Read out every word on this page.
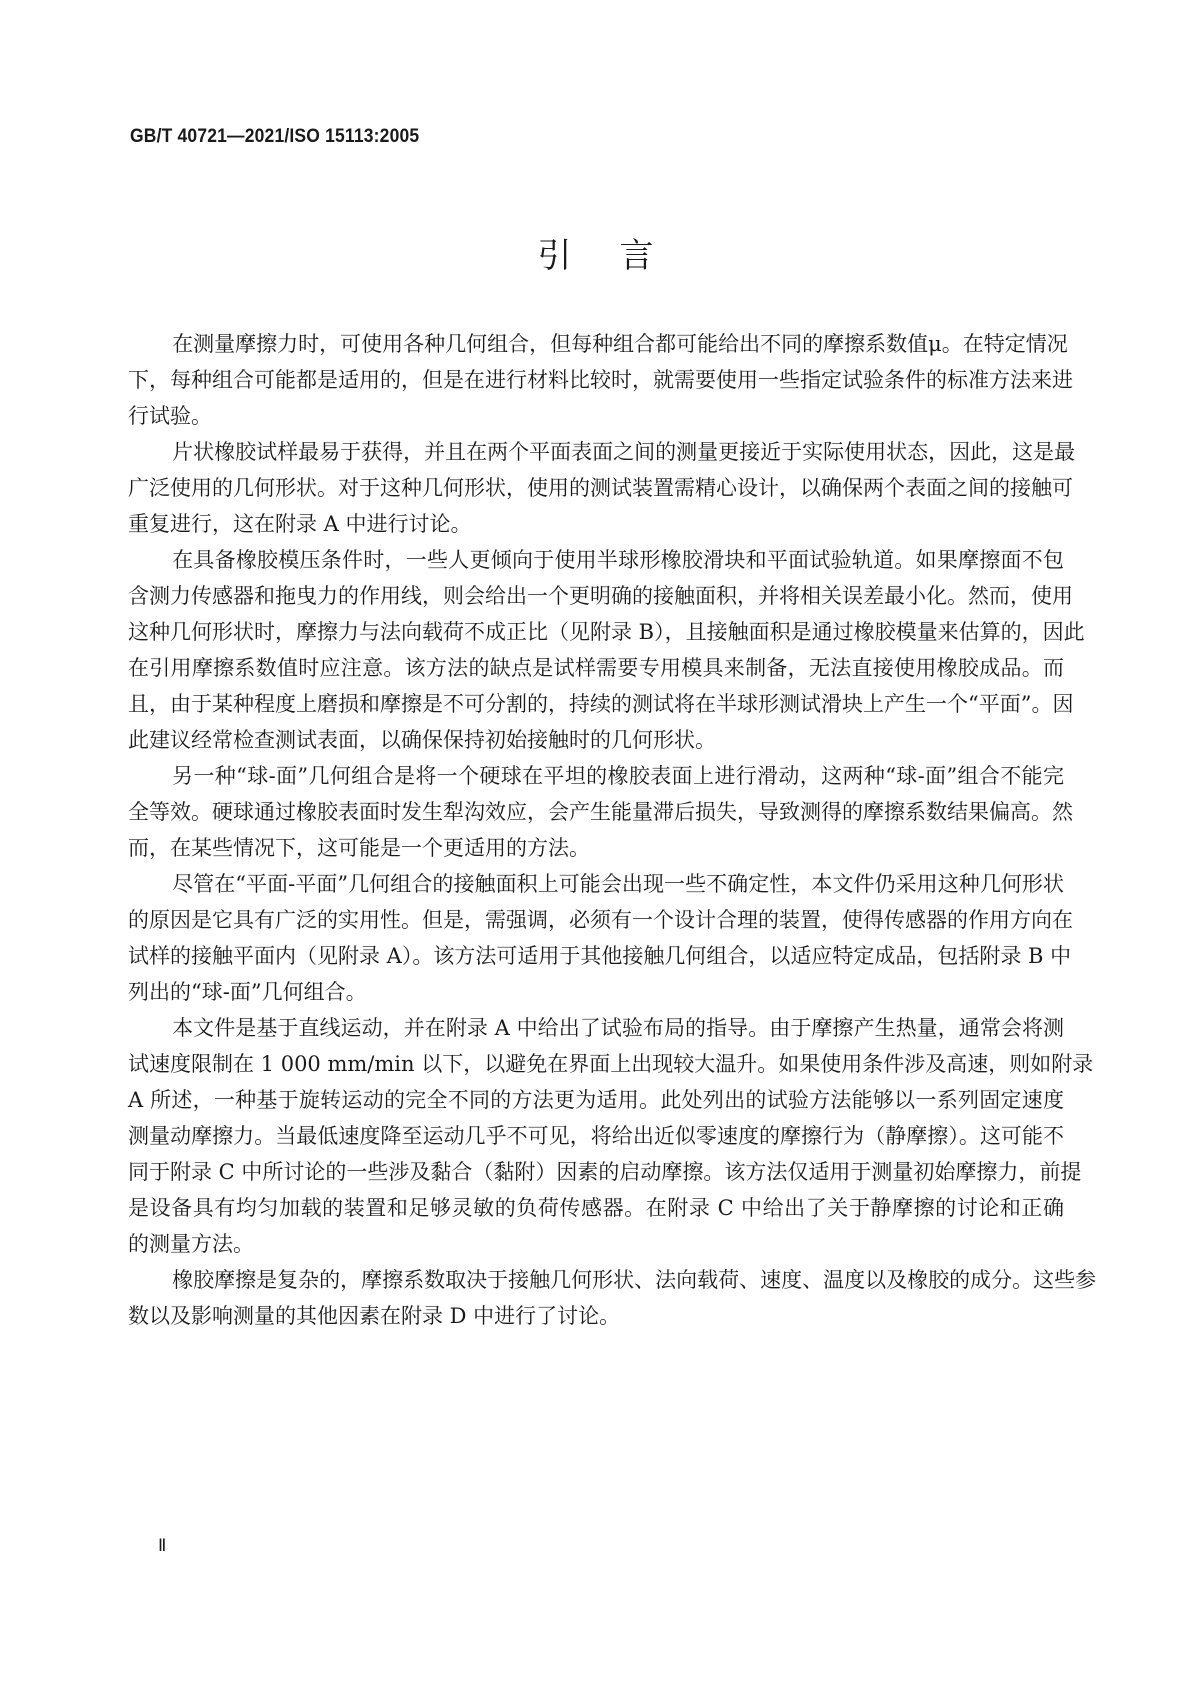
GB/T 40721—2021/ISO 15113:2005
引言
在测量摩擦力时，可使用各种几何组合，但每种组合都可能给出不同的摩擦系数值μ。在特定情况
下，每种组合可能都是适用的，但是在进行材料比较时，就需要使用一些指定试验条件的标准方法来进
行试验。
片状橡胶试样最易于获得，并且在两个平面表面之间的测量更接近于实际使用状态，因此，这是最
广泛使用的几何形状。对于这种几何形状，使用的测试装置需精心设计，以确保两个表面之间的接触可
重复进行，这在附录 A 中进行讨论。
在具备橡胶模压条件时，一些人更倾向于使用半球形橡胶滑块和平面试验轨道。如果摩擦面不包
含测力传感器和拖曳力的作用线，则会给出一个更明确的接触面积，并将相关误差最小化。然而，使用
这种几何形状时，摩擦力与法向载荷不成正比（见附录 B），且接触面积是通过橡胶模量来估算的，因此
在引用摩擦系数值时应注意。该方法的缺点是试样需要专用模具来制备，无法直接使用橡胶成品。而
且，由于某种程度上磨损和摩擦是不可分割的，持续的测试将在半球形测试滑块上产生一个“平面”。因
此建议经常检查测试表面，以确保保持初始接触时的几何形状。
另一种“球-面”几何组合是将一个硬球在平坦的橡胶表面上进行滑动，这两种“球-面”组合不能完
全等效。硬球通过橡胶表面时发生犁沟效应，会产生能量滞后损失，导致测得的摩擦系数结果偏高。然
而，在某些情况下，这可能是一个更适用的方法。
尽管在“平面-平面”几何组合的接触面积上可能会出现一些不确定性，本文件仍采用这种几何形状
的原因是它具有广泛的实用性。但是，需强调，必须有一个设计合理的装置，使得传感器的作用方向在
试样的接触平面内（见附录 A）。该方法可适用于其他接触几何组合，以适应特定成品，包括附录 B 中
列出的“球-面”几何组合。
本文件是基于直线运动，并在附录 A 中给出了试验布局的指导。由于摩擦产生热量，通常会将测
试速度限制在 1 000 mm/min 以下，以避免在界面上出现较大温升。如果使用条件涉及高速，则如附录
A 所述，一种基于旋转运动的完全不同的方法更为适用。此处列出的试验方法能够以一系列固定速度
测量动摩擦力。当最低速度降至运动几乎不可见，将给出近似零速度的摩擦行为（静摩擦）。这可能不
同于附录 C 中所讨论的一些涉及黏合（黏附）因素的启动摩擦。该方法仅适用于测量初始摩擦力，前提
是设备具有均匀加载的装置和足够灵敏的负荷传感器。在附录 C 中给出了关于静摩擦的讨论和正确
的测量方法。
橡胶摩擦是复杂的，摩擦系数取决于接触几何形状、法向载荷、速度、温度以及橡胶的成分。这些参
数以及影响测量的其他因素在附录 D 中进行了讨论。
Ⅱ
